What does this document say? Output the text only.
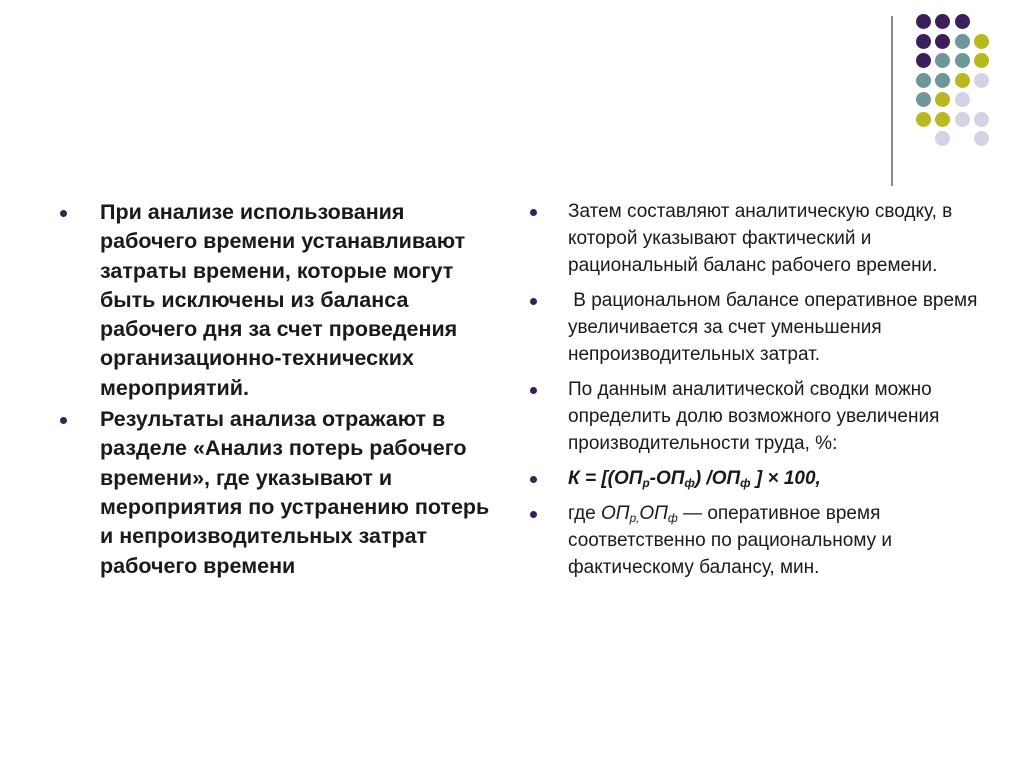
При анализе использования рабочего времени устанавливают затраты времени, которые могут быть исключены из баланса рабочего дня за счет проведения организационно-технических мероприятий.
Результаты анализа отражают в разделе «Анализ потерь рабочего времени», где указывают и мероприятия по устранению потерь и непроизводительных затрат рабочего времени
Затем составляют аналитическую сводку, в которой указывают фактический и рациональный баланс рабочего времени.
В рациональном балансе оперативное время увеличивается за счет уменьшения непроизводительных затрат.
По данным аналитической сводки можно определить долю возможного увеличения производительности труда, %:
$К = [(ОП_р-ОП_ф)$ $/ОП_ф$ ] × 100,
где $ОП_{р,}ОП_ф$ — оперативное время соответственно по рациональному и фактическому балансу, мин.
